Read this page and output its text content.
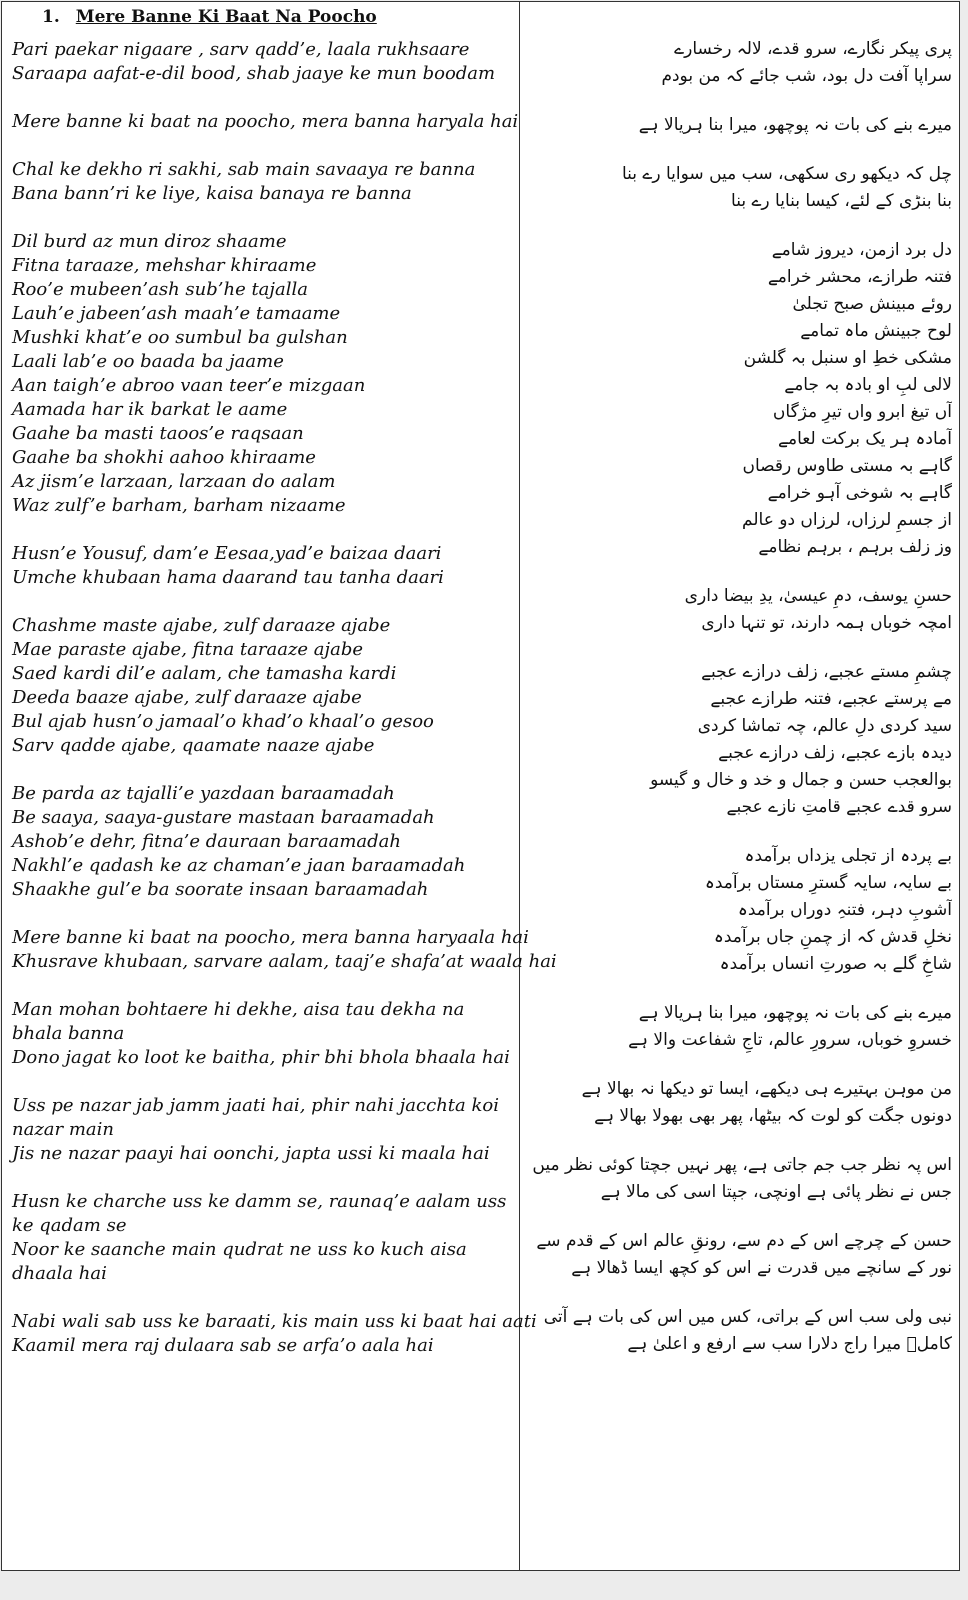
1. Mere Banne Ki Baat Na Poocho
Pari paekar nigaare , sarv qadd’e, laala rukhsaare
Saraapa aafat-e-dil bood, shab jaaye ke mun boodam
Mere banne ki baat na poocho, mera banna haryala hai
Chal ke dekho ri sakhi, sab main savaaya re banna
Bana bann’ri ke liye, kaisa banaya re banna
Dil burd az mun diroz shaame
Fitna taraaze, mehshar khiraame
Roo’e mubeen’ash sub’he tajalla
Lauh’e jabeen’ash maah’e tamaame
Mushki khat’e oo sumbul ba gulshan
Laali lab’e oo baada ba jaame
Aan taigh’e abroo vaan teer’e mizgaan
Aamada har ik barkat le aame
Gaahe ba masti taoos’e raqsaan
Gaahe ba shokhi aahoo khiraame
Az jism’e larzaan, larzaan do aalam
Waz zulf’e barham, barham nizaame
Husn’e Yousuf, dam’e Eesaa,yad’e baizaa daari
Umche khubaan hama daarand tau tanha daari
Chashme maste ajabe, zulf daraaze ajabe
Mae paraste ajabe, fitna taraaze ajabe
Saed kardi dil’e aalam, che tamasha kardi
Deeda baaze ajabe, zulf daraaze ajabe
Bul ajab husn’o jamaal’o khad’o khaal’o gesoo
Sarv qadde ajabe, qaamate naaze ajabe
Be parda az tajalli’e yazdaan baraamadah
Be saaya, saaya-gustare mastaan baraamadah
Ashob’e dehr, fitna’e dauraan baraamadah
Nakhl’e qadash ke az chaman’e jaan baraamadah
Shaakhe gul’e ba soorate insaan baraamadah
Mere banne ki baat na poocho, mera banna haryaala hai
Khusrave khubaan, sarvare aalam, taaj’e shafa’at waala hai
Man mohan bohtaere hi dekhe, aisa tau dekha na bhala banna
Dono jagat ko loot ke baitha, phir bhi bhola bhaala hai
Uss pe nazar jab jamm jaati hai, phir nahi jacchta koi nazar main
Jis ne nazar paayi hai oonchi, japta ussi ki maala hai
Husn ke charche uss ke damm se, raunaq’e aalam uss ke qadam se
Noor ke saanche main qudrat ne uss ko kuch aisa dhaala hai
Nabi wali sab uss ke baraati, kis main uss ki baat hai aati
Kaamil mera raj dulaara sab se arfa’o aala hai
پری پیکر نگارے، سرو قدے، لالہ رخسارے
سراپا آفت دل بود، شب جائے کہ من بودم
میرے بنے کی بات نہ پوچھو، میرا بنا ہریالا ہے
چل کہ دیکھو ری سکھی، سب میں سوایا رے بنا
بنا بنڑی کے لئے، کیسا بنایا رے بنا
دل برد ازمن، دیروز شامے
فتنہ طرازے، محشر خرامے
روئے مبینش صبح تجلیٰ
لوح جبینش ماہ تمامے
مشکی خطِ او سنبل بہ گلشن
لالی لبِ او بادہ بہ جامے
آں تیغ ابرو واں تیرِ مژگاں
آمادہ ہر یک برکت لعامے
گاہے بہ مستی طاوس رقصاں
گاہے بہ شوخی آہو خرامے
از جسمِ لرزاں، لرزاں دو عالم
وز زلف برہم ، برہم نظامے
حسنِ یوسف، دمِ عیسیٰ، یدِ بیضا داری
امچہ خوباں ہمہ دارند، تو تنہا داری
چشمِ مستے عجبے، زلف درازے عجبے
مے پرستے عجبے، فتنہ طرازے عجبے
سید کردی دلِ عالم، چہ تماشا کردی
دیدہ بازے عجبے، زلف درازے عجبے
بوالعجب حسن و جمال و خد و خال و گیسو
سرو قدے عجبے قامتِ نازے عجبے
بے پردہ از تجلی یزداں برآمدہ
بے سایہ، سایہ گسترِ مستاں برآمدہ
آشوبِ دہر، فتنہِ دوراں برآمدہ
نخلِ قدش کہ از چمنِ جاں برآمدہ
شاخِ گلے بہ صورتِ انساں برآمدہ
میرے بنے کی بات نہ پوچھو، میرا بنا ہریالا ہے
خسروِ خوباں، سرورِ عالم، تاجِ شفاعت والا ہے
من موہن بہتیرے ہی دیکھے، ایسا تو دیکھا نہ بھالا ہے
دونوں جگت کو لوت کہ بیٹھا، پھر بھی بھولا بھالا ہے
اس پہ نظر جب جم جاتی ہے، پھر نہیں جچتا کوئی نظر میں
جس نے نظر پائی ہے اونچی، جپتا اسی کی مالا ہے
حسن کے چرچے اس کے دم سے، رونقِ عالم اس کے قدم سے
نور کے سانچے میں قدرت نے اس کو کچھ ایسا ڈھالا ہے
نبی ولی سب اس کے براتی، کس میں اس کی بات ہے آتی
کاملؔ میرا راج دلارا سب سے ارفع و اعلیٰ ہے
